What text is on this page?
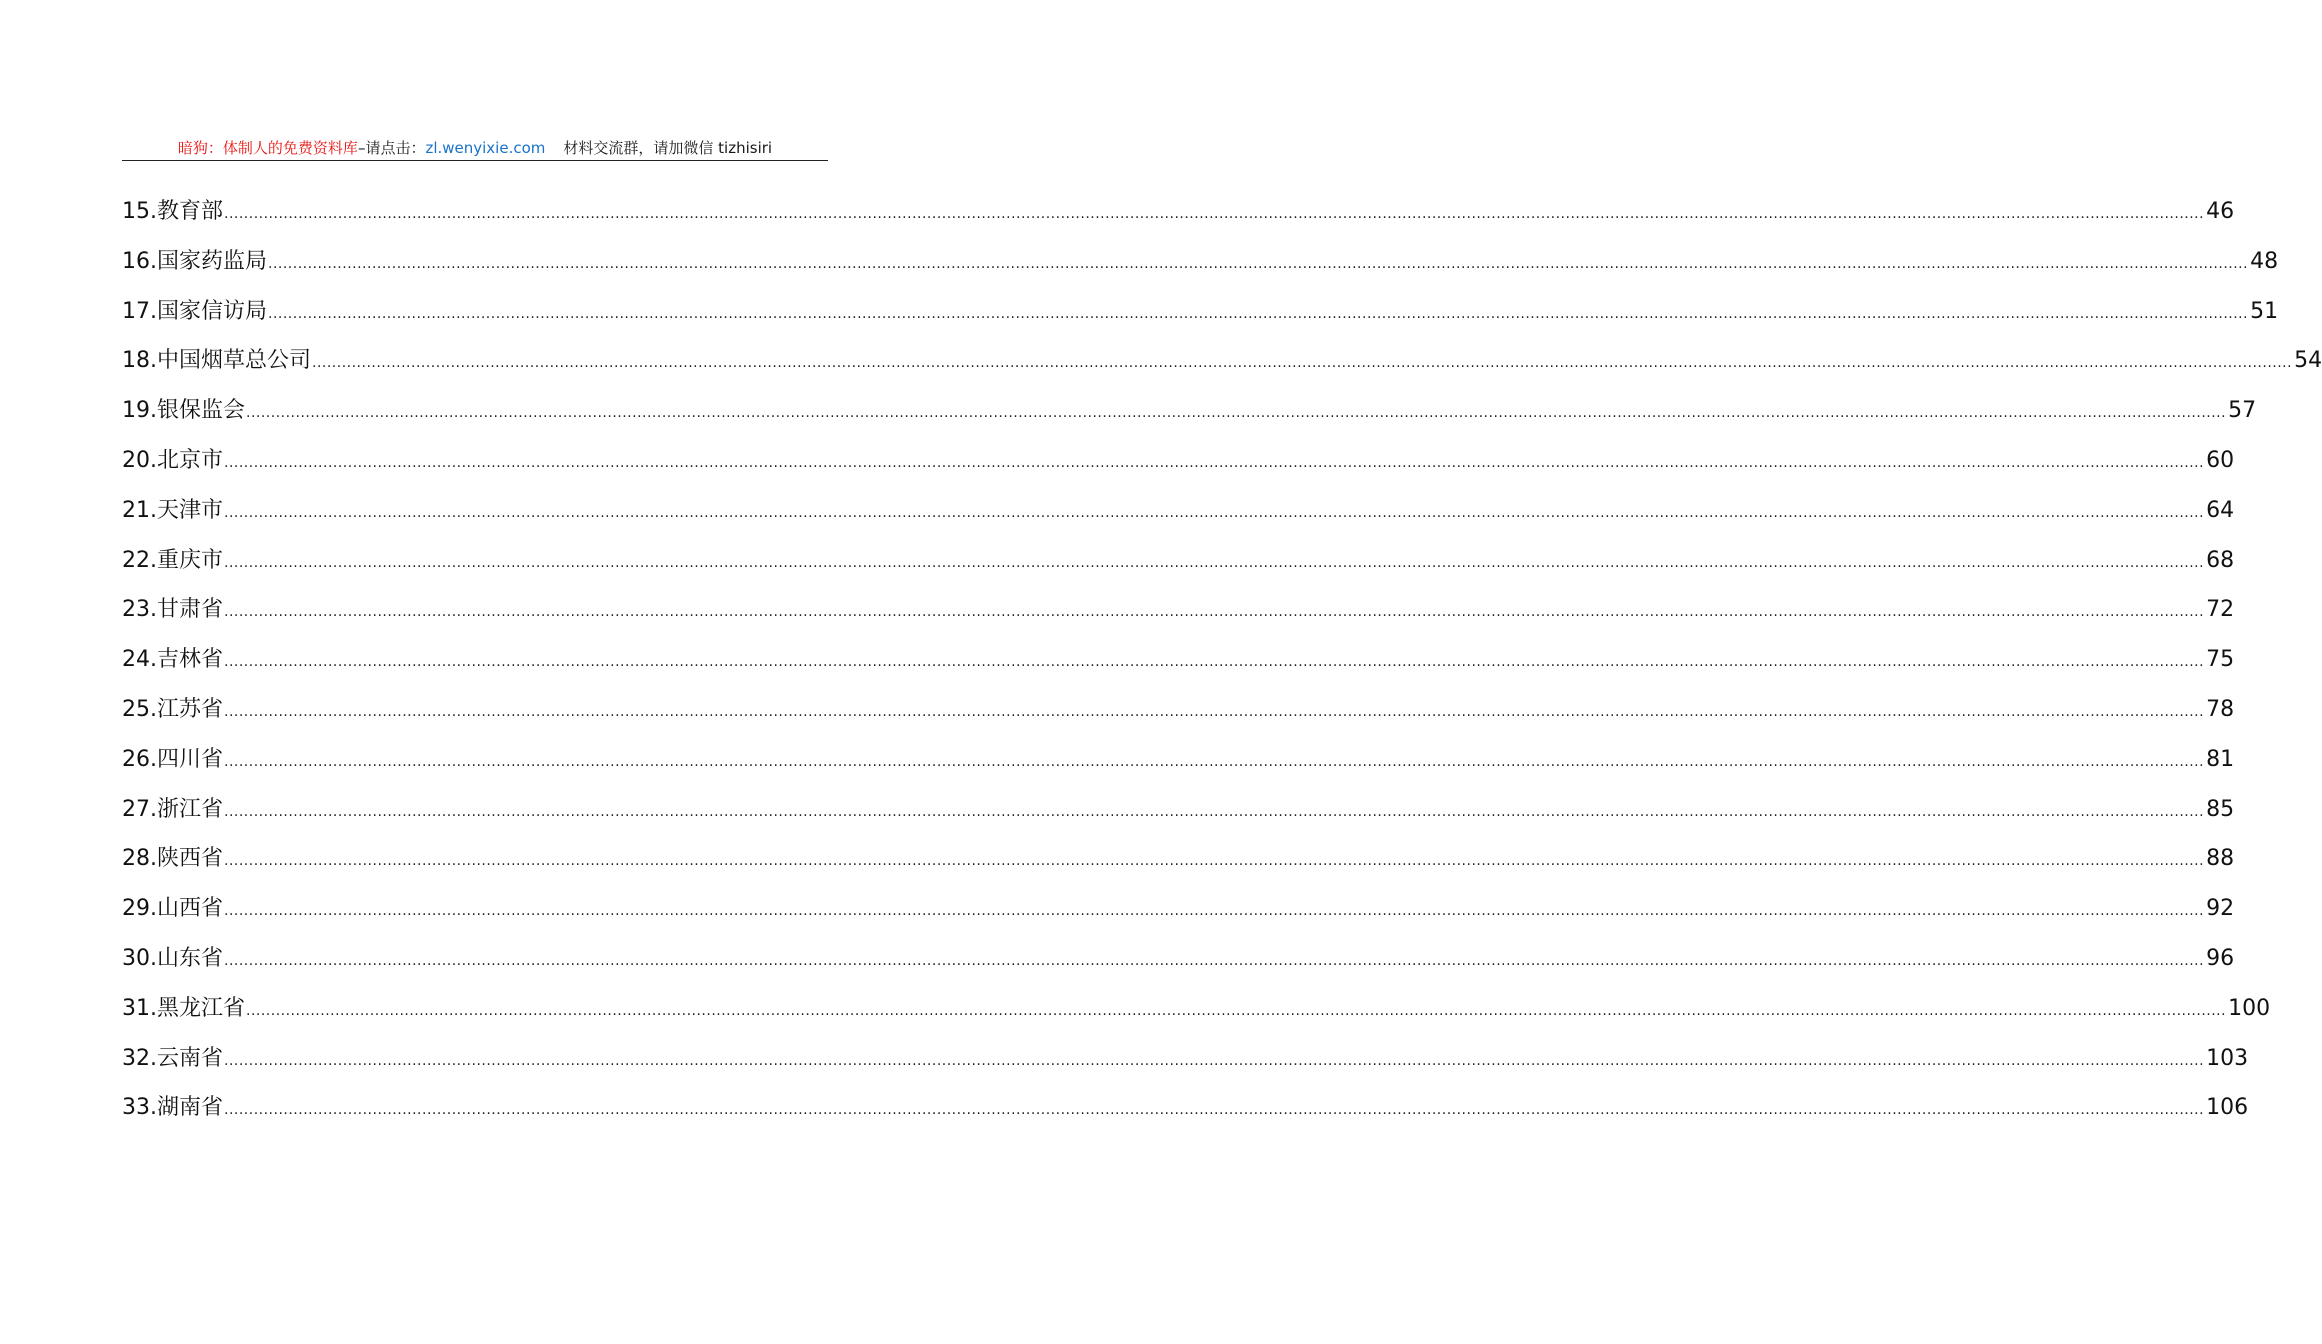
暗狗：体制人的免费资料库–请点击：zl.wenyixie.com 材料交流群，请加微信 tizhisiri
15.教育部 ................................................................................................................................................................................................................................................................................................................................................................................................................ 46
16.国家药监局 ................................................................................................................................................................................................................................................................................................................................................................................................................ 48
17.国家信访局 ................................................................................................................................................................................................................................................................................................................................................................................................................ 51
18.中国烟草总公司 ................................................................................................................................................................................................................................................................................................................................................................................................................ 54
19.银保监会 ................................................................................................................................................................................................................................................................................................................................................................................................................ 57
20.北京市 ................................................................................................................................................................................................................................................................................................................................................................................................................ 60
21.天津市 ................................................................................................................................................................................................................................................................................................................................................................................................................ 64
22.重庆市 ................................................................................................................................................................................................................................................................................................................................................................................................................ 68
23.甘肃省 ................................................................................................................................................................................................................................................................................................................................................................................................................ 72
24.吉林省 ................................................................................................................................................................................................................................................................................................................................................................................................................ 75
25.江苏省 ................................................................................................................................................................................................................................................................................................................................................................................................................ 78
26.四川省 ................................................................................................................................................................................................................................................................................................................................................................................................................ 81
27.浙江省 ................................................................................................................................................................................................................................................................................................................................................................................................................ 85
28.陕西省 ................................................................................................................................................................................................................................................................................................................................................................................................................ 88
29.山西省 ................................................................................................................................................................................................................................................................................................................................................................................................................ 92
30.山东省 ................................................................................................................................................................................................................................................................................................................................................................................................................ 96
31.黑龙江省 ................................................................................................................................................................................................................................................................................................................................................................................................................ 100
32.云南省 ................................................................................................................................................................................................................................................................................................................................................................................................................ 103
33.湖南省 ................................................................................................................................................................................................................................................................................................................................................................................................................ 106
